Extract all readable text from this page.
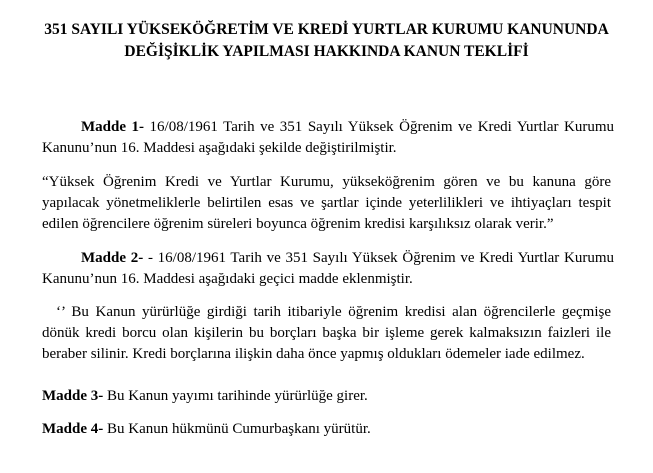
351 SAYILI YÜKSEKÖĞRETİM VE KREDİ YURTLAR KURUMU KANUNUNDA
DEĞİŞİKLİK YAPILMASI HAKKINDA KANUN TEKLİFİ
Madde 1- 16/08/1961 Tarih ve 351 Sayılı Yüksek Öğrenim ve Kredi Yurtlar Kurumu Kanunu’nun 16. Maddesi aşağıdaki şekilde değiştirilmiştir.
“Yüksek Öğrenim Kredi ve Yurtlar Kurumu, yükseköğrenim gören ve bu kanuna göre yapılacak yönetmeliklerle belirtilen esas ve şartlar içinde yeterlilikleri ve ihtiyaçları tespit edilen öğrencilere öğrenim süreleri boyunca öğrenim kredisi karşılıksız olarak verir.”
Madde 2- - 16/08/1961 Tarih ve 351 Sayılı Yüksek Öğrenim ve Kredi Yurtlar Kurumu Kanunu’nun 16. Maddesi aşağıdaki geçici madde eklenmiştir.
‘’ Bu Kanun yürürlüğe girdiği tarih itibariyle öğrenim kredisi alan öğrencilerle geçmişe dönük kredi borcu olan kişilerin bu borçları başka bir işleme gerek kalmaksızın faizleri ile beraber silinir. Kredi borçlarına ilişkin daha önce yapmış oldukları ödemeler iade edilmez.
Madde 3- Bu Kanun yayımı tarihinde yürürlüğe girer.
Madde 4- Bu Kanun hükmünü Cumurbaşkanı yürütür.
